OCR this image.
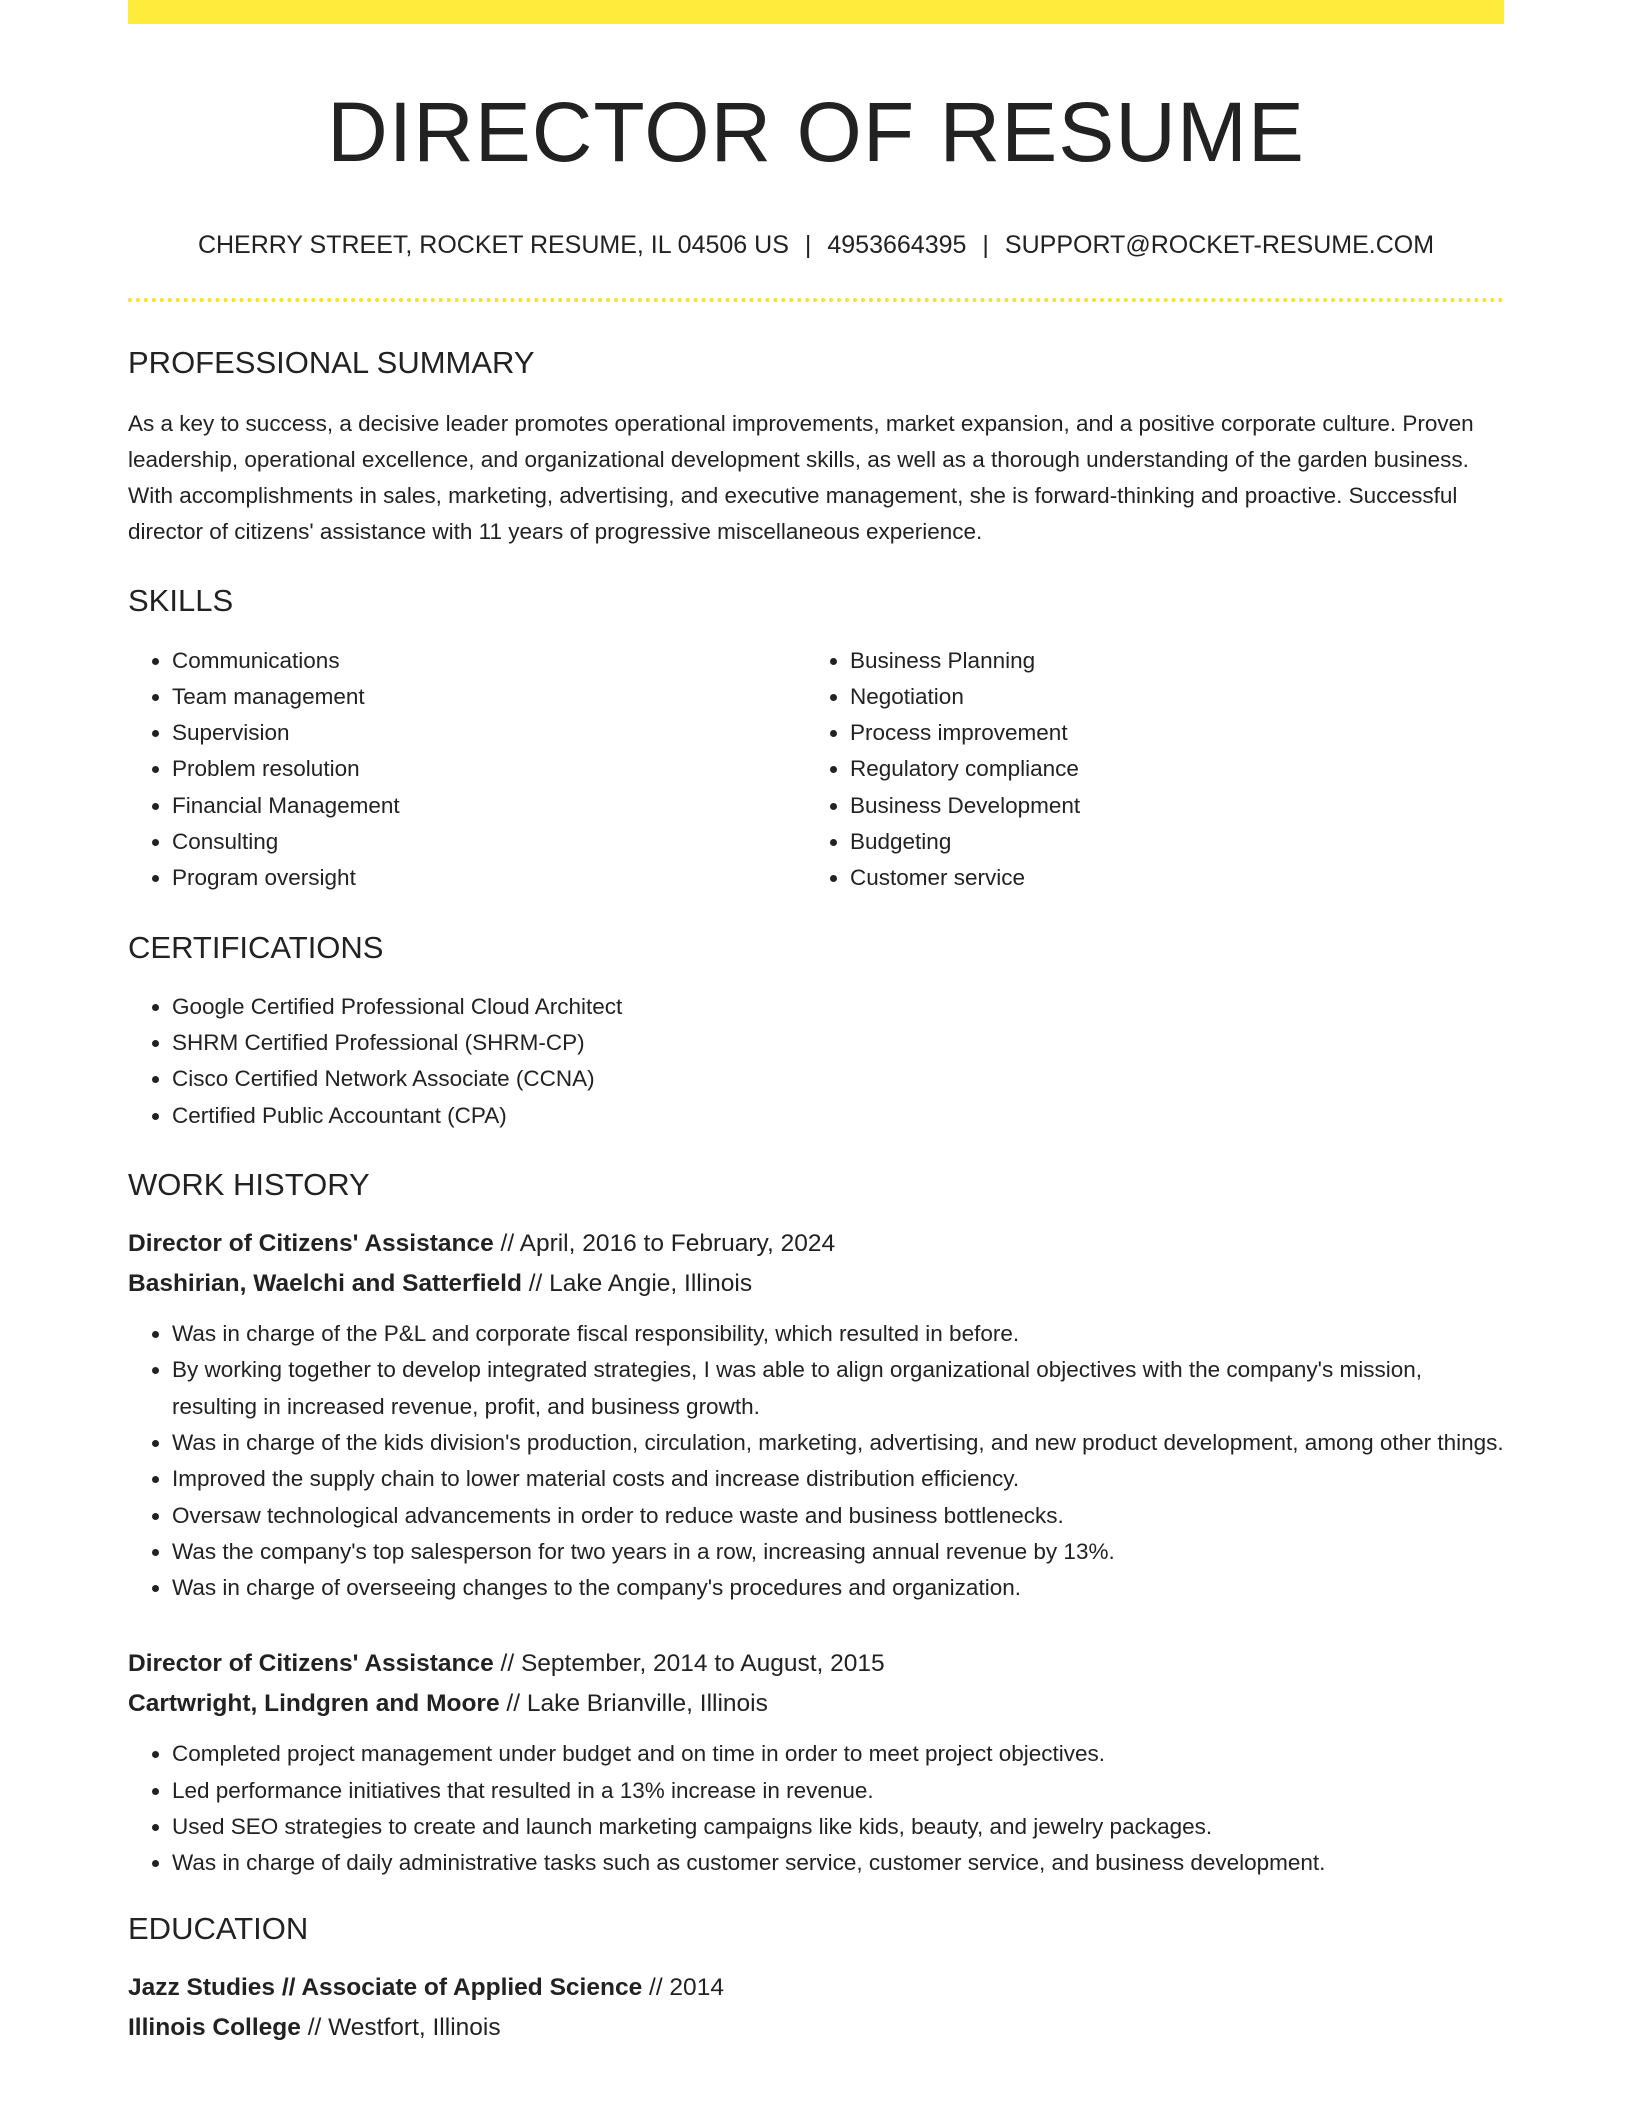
DIRECTOR OF RESUME
CHERRY STREET, ROCKET RESUME, IL 04506 US | 4953664395 | SUPPORT@ROCKET-RESUME.COM
PROFESSIONAL SUMMARY

As a key to success, a decisive leader promotes operational improvements, market expansion, and a positive corporate culture. Proven leadership, operational excellence, and organizational development skills, as well as a thorough understanding of the garden business. With accomplishments in sales, marketing, advertising, and executive management, she is forward-thinking and proactive. Successful director of citizens' assistance with 11 years of progressive miscellaneous experience.

SKILLS
• Communications
• Team management
• Supervision
• Problem resolution
• Financial Management
• Consulting
• Program oversight
• Business Planning
• Negotiation
• Process improvement
• Regulatory compliance
• Business Development
• Budgeting
• Customer service
CERTIFICATIONS
• Google Certified Professional Cloud Architect
• SHRM Certified Professional (SHRM-CP)
• Cisco Certified Network Associate (CCNA)
• Certified Public Accountant (CPA)
WORK HISTORY
Director of Citizens' Assistance // April, 2016 to February, 2024
Bashirian, Waelchi and Satterfield // Lake Angie, Illinois
• Was in charge of the P&L and corporate fiscal responsibility, which resulted in before.
• By working together to develop integrated strategies, I was able to align organizational objectives with the company's mission, resulting in increased revenue, profit, and business growth.
• Was in charge of the kids division's production, circulation, marketing, advertising, and new product development, among other things.
• Improved the supply chain to lower material costs and increase distribution efficiency.
• Oversaw technological advancements in order to reduce waste and business bottlenecks.
• Was the company's top salesperson for two years in a row, increasing annual revenue by 13%.
• Was in charge of overseeing changes to the company's procedures and organization.
Director of Citizens' Assistance // September, 2014 to August, 2015
Cartwright, Lindgren and Moore // Lake Brianville, Illinois
• Completed project management under budget and on time in order to meet project objectives.
• Led performance initiatives that resulted in a 13% increase in revenue.
• Used SEO strategies to create and launch marketing campaigns like kids, beauty, and jewelry packages.
• Was in charge of daily administrative tasks such as customer service, customer service, and business development.
EDUCATION
Jazz Studies // Associate of Applied Science // 2014
Illinois College // Westfort, Illinois
